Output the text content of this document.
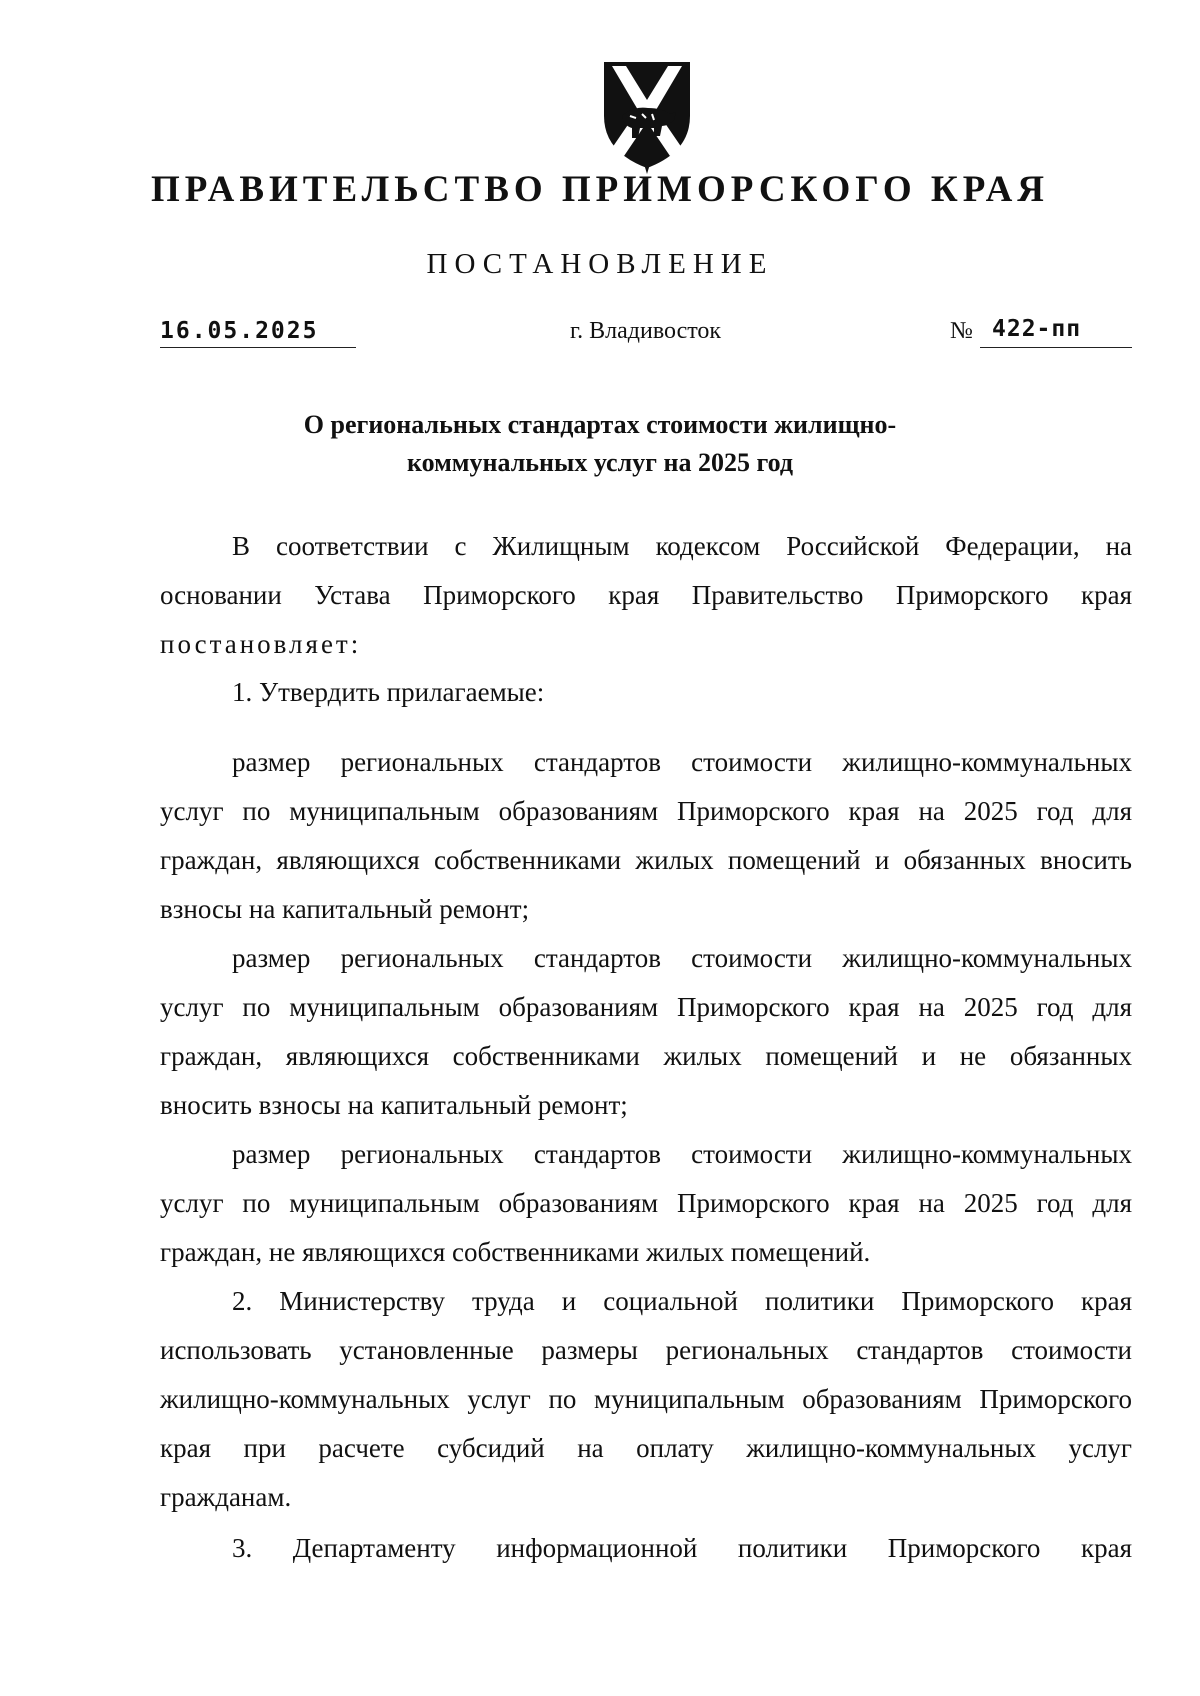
ПРАВИТЕЛЬСТВО ПРИМОРСКОГО КРАЯ
ПОСТАНОВЛЕНИЕ
16.05.2025	г. Владивосток	№ 422-пп
О региональных стандартах стоимости жилищно-
коммунальных услуг на 2025 год
В соответствии с Жилищным кодексом Российской Федерации, на
основании Устава Приморского края Правительство Приморского края
постановляет:
1. Утвердить прилагаемые:
размер региональных стандартов стоимости жилищно-коммунальных
услуг по муниципальным образованиям Приморского края на 2025 год для
граждан, являющихся собственниками жилых помещений и обязанных вносить
взносы на капитальный ремонт;
размер региональных стандартов стоимости жилищно-коммунальных
услуг по муниципальным образованиям Приморского края на 2025 год для
граждан, являющихся собственниками жилых помещений и не обязанных
вносить взносы на капитальный ремонт;
размер региональных стандартов стоимости жилищно-коммунальных
услуг по муниципальным образованиям Приморского края на 2025 год для
граждан, не являющихся собственниками жилых помещений.
2. Министерству труда и социальной политики Приморского края
использовать установленные размеры региональных стандартов стоимости
жилищно-коммунальных услуг по муниципальным образованиям Приморского
края при расчете субсидий на оплату жилищно-коммунальных услуг
гражданам.
3. Департаменту информационной политики Приморского края
